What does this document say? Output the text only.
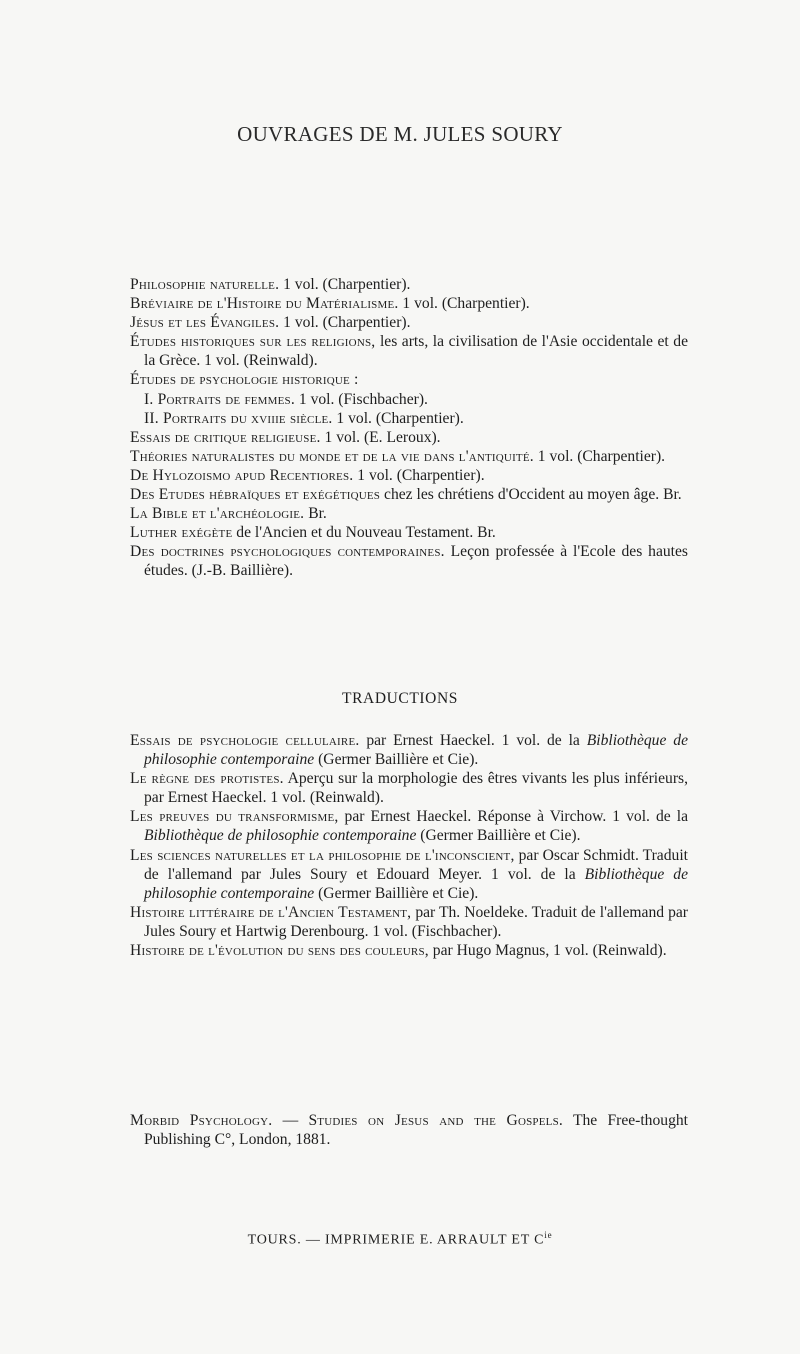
OUVRAGES DE M. JULES SOURY

Philosophie naturelle. 1 vol. (Charpentier).

Bréviaire de l'Histoire du Matérialisme. 1 vol. (Charpentier).

Jésus et les Évangiles. 1 vol. (Charpentier).

Études historiques sur les religions, les arts, la civilisation de l'Asie occidentale et de la Grèce. 1 vol. (Reinwald).

Études de psychologie historique :

I. Portraits de femmes. 1 vol. (Fischbacher).

II. Portraits du xviiie siècle. 1 vol. (Charpentier).

Essais de critique religieuse. 1 vol. (E. Leroux).

Théories naturalistes du monde et de la vie dans l'antiquité. 1 vol. (Charpentier).

De Hylozoismo apud Recentiores. 1 vol. (Charpentier).

Des Etudes hébraïques et exégétiques chez les chrétiens d'Occident au moyen âge. Br.

La Bible et l'archéologie. Br.

Luther exégète de l'Ancien et du Nouveau Testament. Br.

Des doctrines psychologiques contemporaines. Leçon professée à l'Ecole des hautes études. (J.-B. Baillière).

TRADUCTIONS

Essais de psychologie cellulaire. par Ernest Haeckel. 1 vol. de la Bibliothèque de philosophie contemporaine (Germer Baillière et Cie).

Le règne des protistes. Aperçu sur la morphologie des êtres vivants les plus inférieurs, par Ernest Haeckel. 1 vol. (Reinwald).

Les preuves du transformisme, par Ernest Haeckel. Réponse à Virchow. 1 vol. de la Bibliothèque de philosophie contemporaine (Germer Baillière et Cie).

Les sciences naturelles et la philosophie de l'inconscient, par Oscar Schmidt. Traduit de l'allemand par Jules Soury et Edouard Meyer. 1 vol. de la Bibliothèque de philosophie contemporaine (Germer Baillière et Cie).

Histoire littéraire de l'Ancien Testament, par Th. Noeldeke. Traduit de l'allemand par Jules Soury et Hartwig Derenbourg. 1 vol. (Fischbacher).

Histoire de l'évolution du sens des couleurs, par Hugo Magnus, 1 vol. (Reinwald).

Morbid Psychology. — Studies on Jesus and the Gospels. The Free-thought Publishing C°, London, 1881.

TOURS. — IMPRIMERIE E. ARRAULT ET $C^{ie}$
